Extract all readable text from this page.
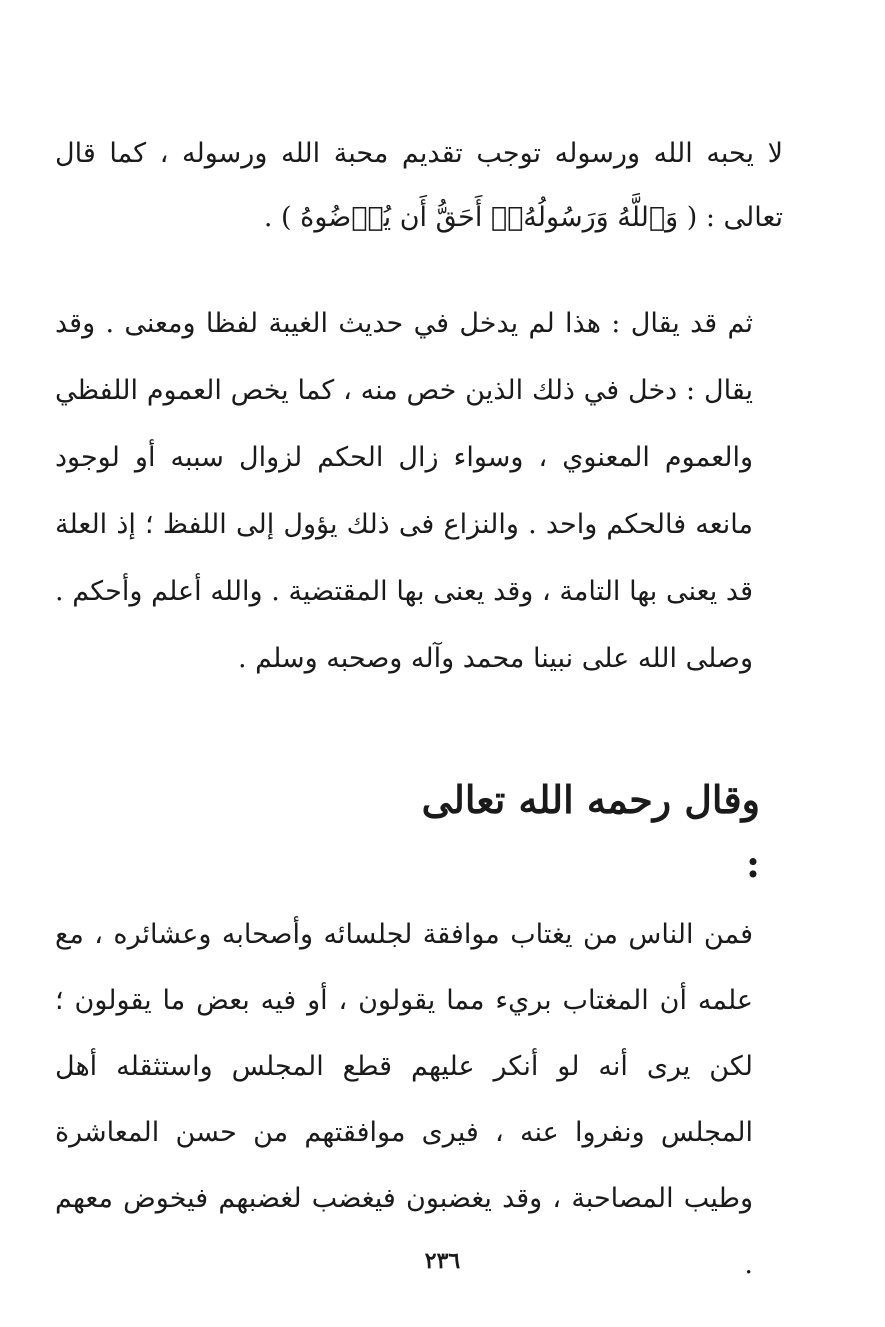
لا يحبه الله ورسوله توجب تقديم محبة الله ورسوله ، كما قال تعالى : ( وَٱللَّهُ وَرَسُولُهُۥٓ أَحَقُّ أَن يُرۡضُوهُ ) .

ثم قد يقال : هذا لم يدخل في حديث الغيبة لفظا ومعنى . وقد يقال : دخل في ذلك الذين خص منه ، كما يخص العموم اللفظي والعموم المعنوي ، وسواء زال الحكم لزوال سببه أو لوجود مانعه فالحكم واحد . والنزاع فى ذلك يؤول إلى اللفظ ؛ إذ العلة قد يعنى بها التامة ، وقد يعنى بها المقتضية . والله أعلم وأحكم . وصلى الله على نبينا محمد وآله وصحبه وسلم .

وقال رحمه الله تعالى :

فمن الناس من يغتاب موافقة لجلسائه وأصحابه وعشائره ، مع علمه أن المغتاب بريء مما يقولون ، أو فيه بعض ما يقولون ؛ لكن يرى أنه لو أنكر عليهم قطع المجلس واستثقله أهل المجلس ونفروا عنه ، فيرى موافقتهم من حسن المعاشرة وطيب المصاحبة ، وقد يغضبون فيغضب لغضبهم فيخوض معهم .

٢٣٦
